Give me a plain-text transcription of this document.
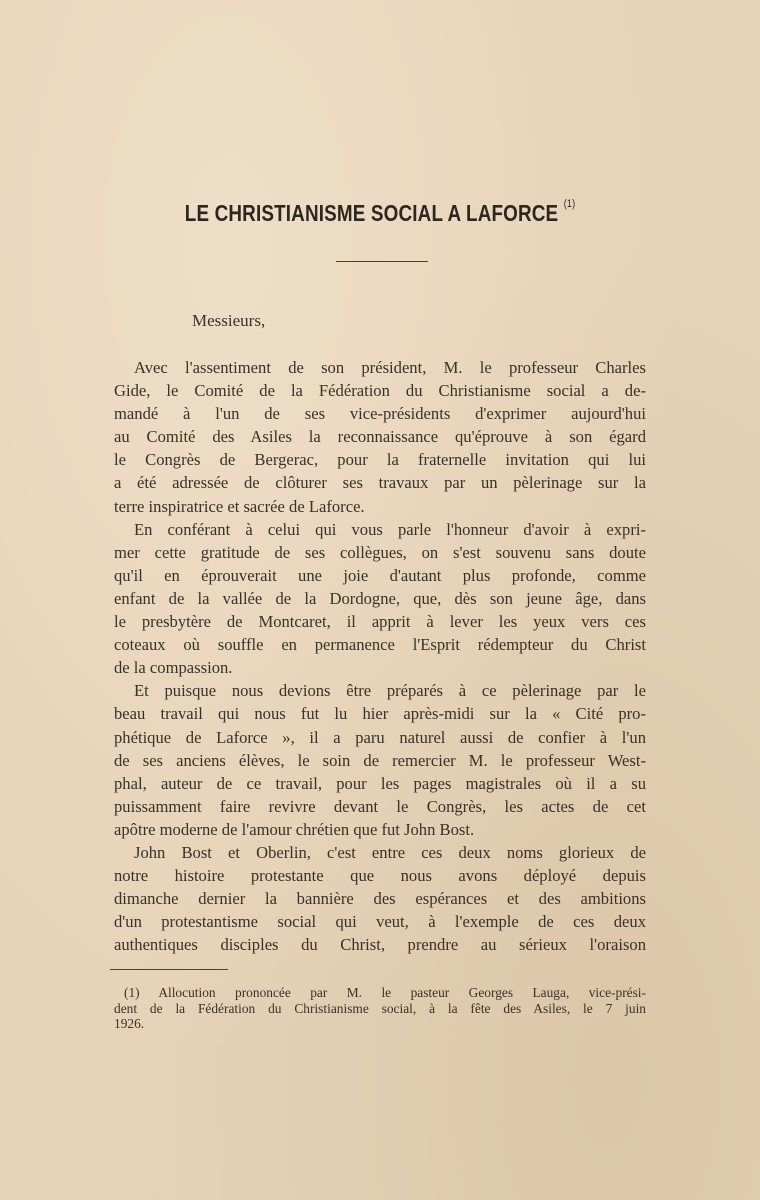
LE CHRISTIANISME SOCIAL A LAFORCE $^{(1)}$
Messieurs,
Avec l'assentiment de son président, M. le professeur Charles
Gide, le Comité de la Fédération du Christianisme social a de-
mandé à l'un de ses vice-présidents d'exprimer aujourd'hui
au Comité des Asiles la reconnaissance qu'éprouve à son égard
le Congrès de Bergerac, pour la fraternelle invitation qui lui
a été adressée de clôturer ses travaux par un pèlerinage sur la
terre inspiratrice et sacrée de Laforce.
En conférant à celui qui vous parle l'honneur d'avoir à expri-
mer cette gratitude de ses collègues, on s'est souvenu sans doute
qu'il en éprouverait une joie d'autant plus profonde, comme
enfant de la vallée de la Dordogne, que, dès son jeune âge, dans
le presbytère de Montcaret, il apprit à lever les yeux vers ces
coteaux où souffle en permanence l'Esprit rédempteur du Christ
de la compassion.
Et puisque nous devions être préparés à ce pèlerinage par le
beau travail qui nous fut lu hier après-midi sur la « Cité pro-
phétique de Laforce », il a paru naturel aussi de confier à l'un
de ses anciens élèves, le soin de remercier M. le professeur West-
phal, auteur de ce travail, pour les pages magistrales où il a su
puissamment faire revivre devant le Congrès, les actes de cet
apôtre moderne de l'amour chrétien que fut John Bost.
John Bost et Oberlin, c'est entre ces deux noms glorieux de
notre histoire protestante que nous avons déployé depuis
dimanche dernier la bannière des espérances et des ambitions
d'un protestantisme social qui veut, à l'exemple de ces deux
authentiques disciples du Christ, prendre au sérieux l'oraison
(1) Allocution prononcée par M. le pasteur Georges Lauga, vice-prési-
dent de la Fédération du Christianisme social, à la fête des Asiles, le 7 juin
1926.
